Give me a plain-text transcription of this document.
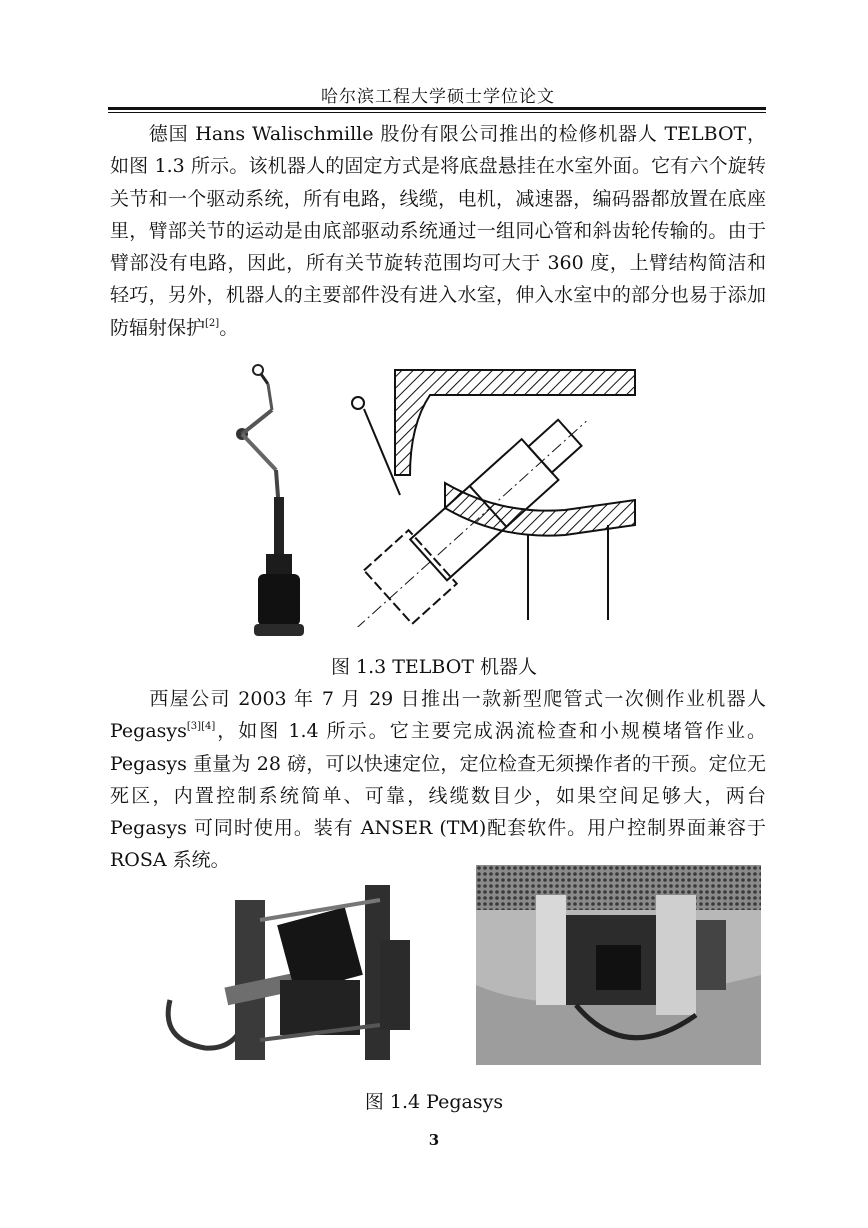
哈尔滨工程大学硕士学位论文
德国 Hans Walischmille 股份有限公司推出的检修机器人 TELBOT，如图 1.3 所示。该机器人的固定方式是将底盘悬挂在水室外面。它有六个旋转关节和一个驱动系统，所有电路，线缆，电机，减速器，编码器都放置在底座里，臂部关节的运动是由底部驱动系统通过一组同心管和斜齿轮传输的。由于臂部没有电路，因此，所有关节旋转范围均可大于 360 度，上臂结构简洁和轻巧，另外，机器人的主要部件没有进入水室，伸入水室中的部分也易于添加防辐射保护[2]。
图 1.3 TELBOT 机器人
西屋公司 2003 年 7 月 29 日推出一款新型爬管式一次侧作业机器人 Pegasys[3][4]，如图 1.4 所示。它主要完成涡流检查和小规模堵管作业。Pegasys 重量为 28 磅，可以快速定位，定位检查无须操作者的干预。定位无死区，内置控制系统简单、可靠，线缆数目少，如果空间足够大，两台 Pegasys 可同时使用。装有 ANSER (TM)配套软件。用户控制界面兼容于 ROSA 系统。
图 1.4 Pegasys
3
